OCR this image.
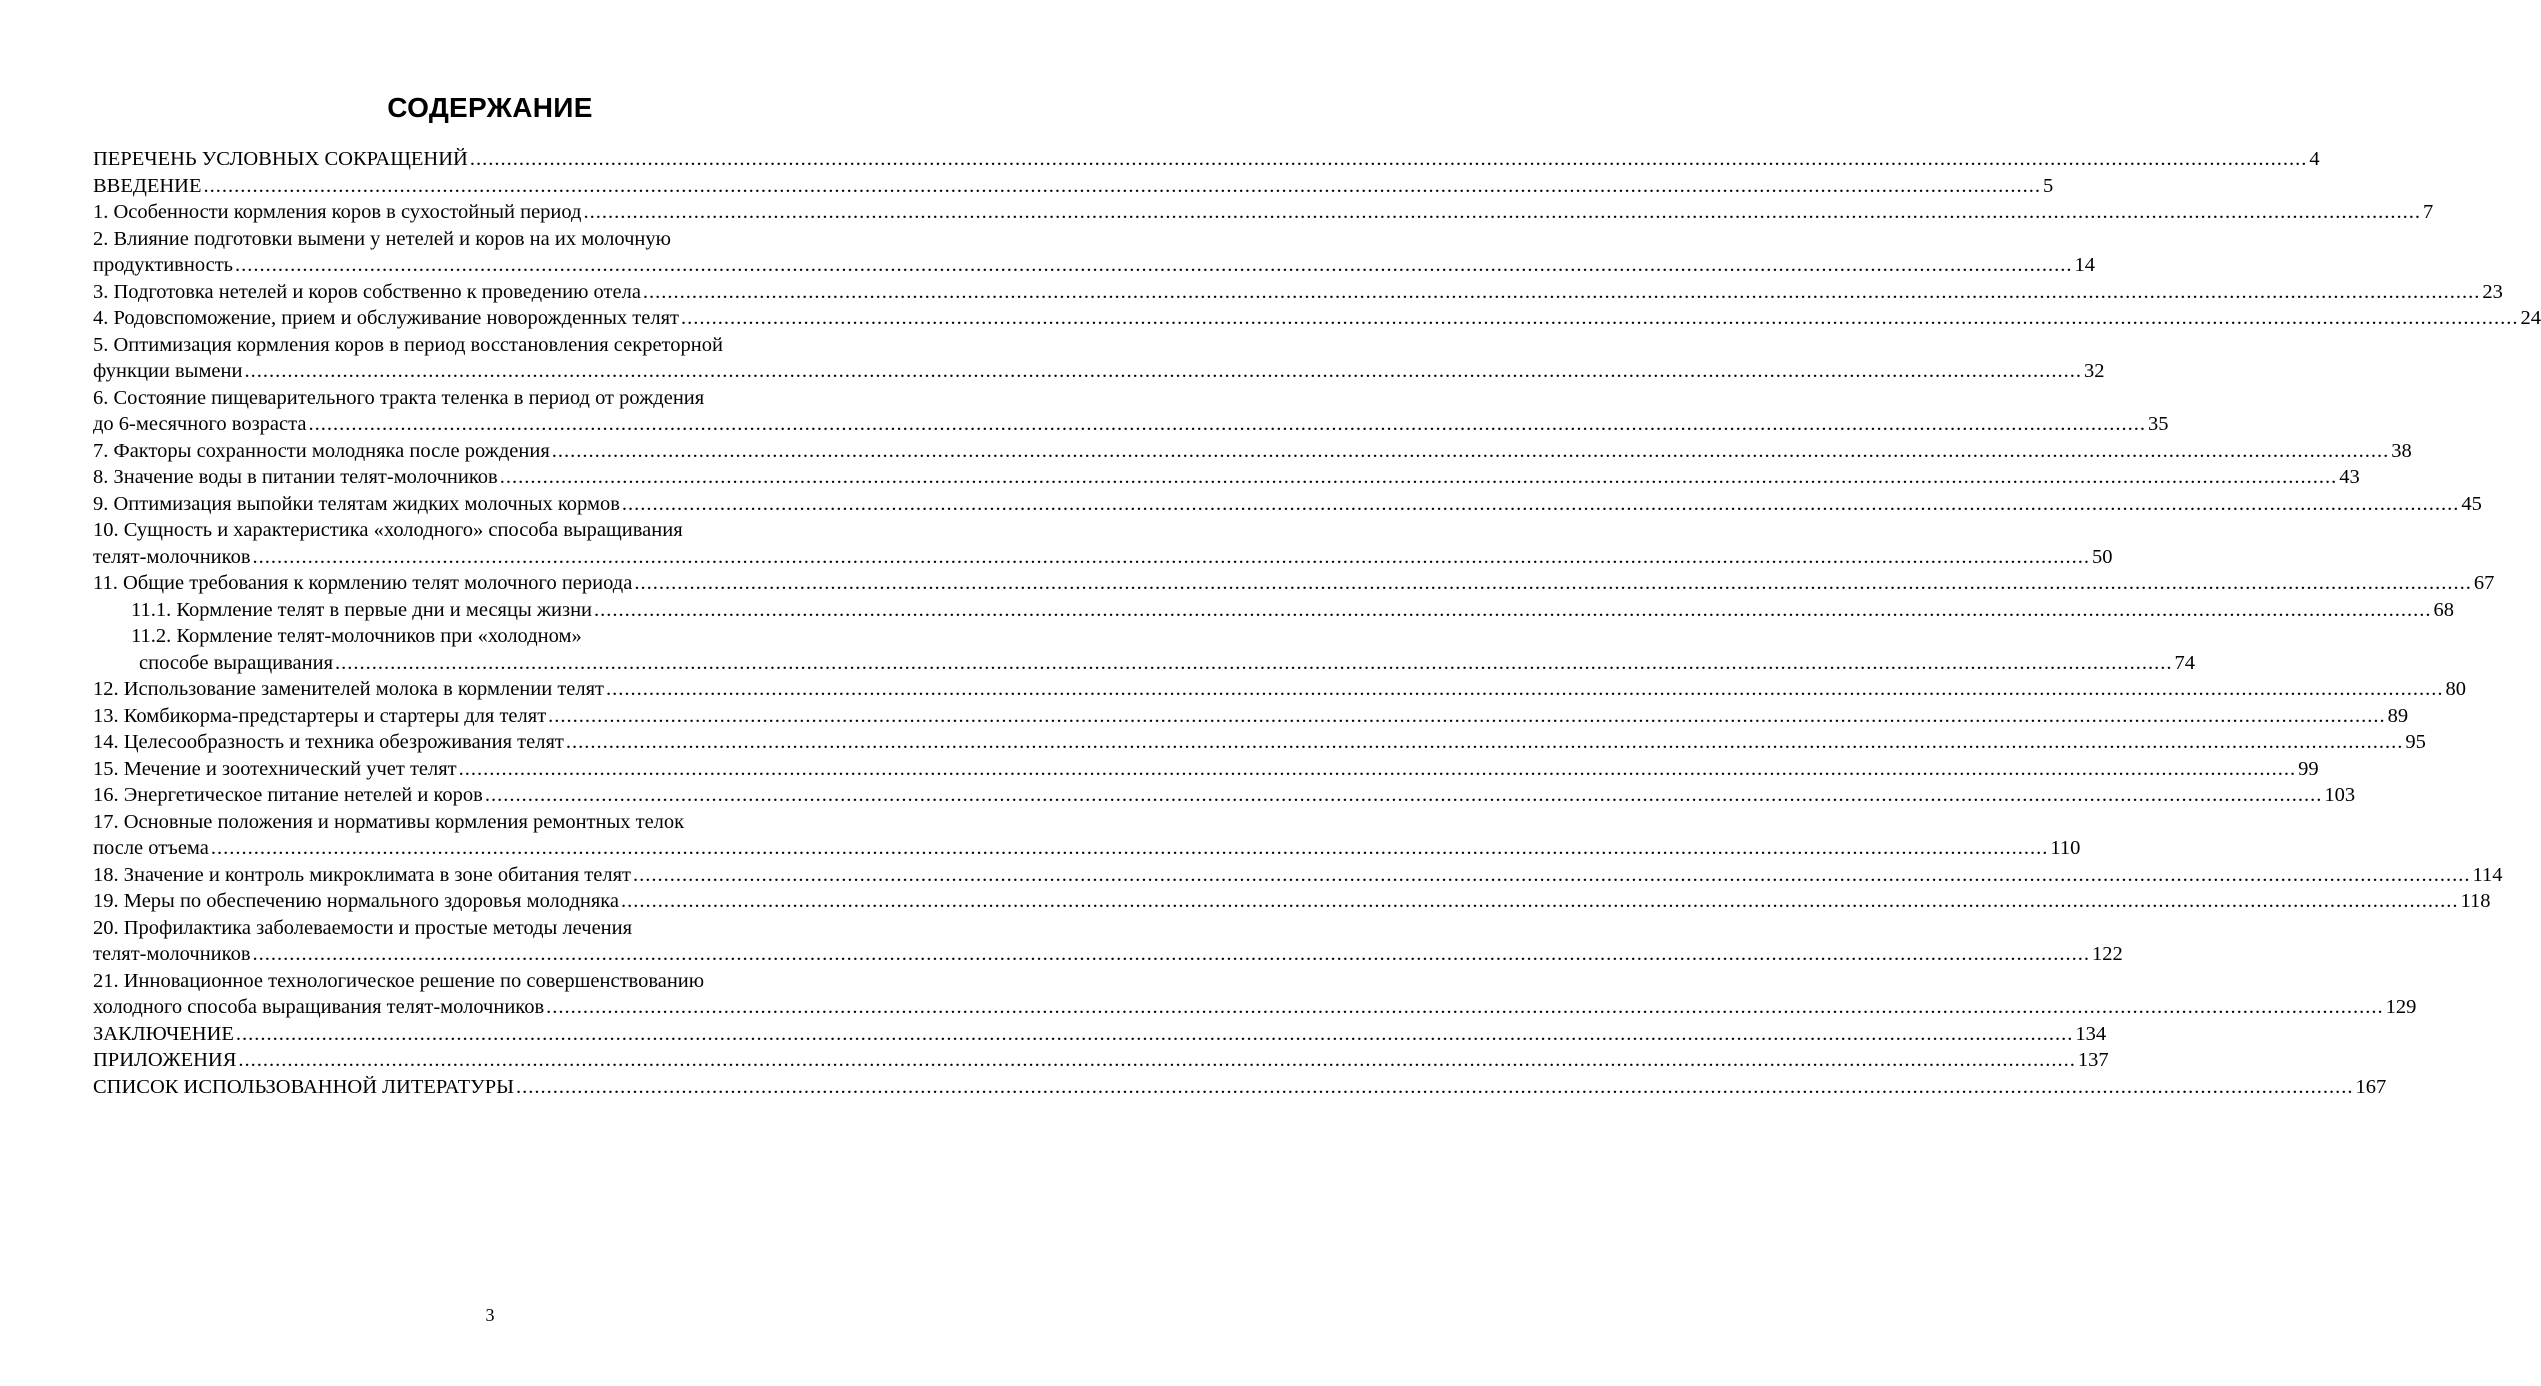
СОДЕРЖАНИЕ
ПЕРЕЧЕНЬ УСЛОВНЫХ СОКРАЩЕНИЙ ............................................................................................................................................................................................................................................................................................................ 4
ВВЕДЕНИЕ ............................................................................................................................................................................................................................................................................................................ 5
1. Особенности кормления коров в сухостойный период ............................................................................................................................................................................................................................................................................................................ 7
2. Влияние подготовки вымени у нетелей и коров на их молочную
продуктивность ............................................................................................................................................................................................................................................................................................................ 14
3. Подготовка нетелей и коров собственно к проведению отела ............................................................................................................................................................................................................................................................................................................ 23
4. Родовспоможение, прием и обслуживание новорожденных телят ............................................................................................................................................................................................................................................................................................................ 24
5. Оптимизация кормления коров в период восстановления секреторной
функции вымени ............................................................................................................................................................................................................................................................................................................ 32
6. Состояние пищеварительного тракта теленка в период от рождения
до 6-месячного возраста ............................................................................................................................................................................................................................................................................................................ 35
7. Факторы сохранности молодняка после рождения ............................................................................................................................................................................................................................................................................................................ 38
8. Значение воды в питании телят-молочников ............................................................................................................................................................................................................................................................................................................ 43
9. Оптимизация выпойки телятам жидких молочных кормов ............................................................................................................................................................................................................................................................................................................ 45
10. Сущность и характеристика «холодного» способа выращивания
телят-молочников ............................................................................................................................................................................................................................................................................................................ 50
11. Общие требования к кормлению телят молочного периода ............................................................................................................................................................................................................................................................................................................ 67
11.1. Кормление телят в первые дни и месяцы жизни ............................................................................................................................................................................................................................................................................................................ 68
11.2. Кормление телят-молочников при «холодном»
способе выращивания ............................................................................................................................................................................................................................................................................................................ 74
12. Использование заменителей молока в кормлении телят ............................................................................................................................................................................................................................................................................................................ 80
13. Комбикорма-предстартеры и стартеры для телят ............................................................................................................................................................................................................................................................................................................ 89
14. Целесообразность и техника обезроживания телят ............................................................................................................................................................................................................................................................................................................ 95
15. Мечение и зоотехнический учет телят ............................................................................................................................................................................................................................................................................................................ 99
16. Энергетическое питание нетелей и коров ............................................................................................................................................................................................................................................................................................................ 103
17. Основные положения и нормативы кормления ремонтных телок
после отъема ............................................................................................................................................................................................................................................................................................................ 110
18. Значение и контроль микроклимата в зоне обитания телят ............................................................................................................................................................................................................................................................................................................ 114
19. Меры по обеспечению нормального здоровья молодняка ............................................................................................................................................................................................................................................................................................................ 118
20. Профилактика заболеваемости и простые методы лечения
телят-молочников ............................................................................................................................................................................................................................................................................................................ 122
21. Инновационное технологическое решение по совершенствованию
холодного способа выращивания телят-молочников ............................................................................................................................................................................................................................................................................................................ 129
ЗАКЛЮЧЕНИЕ ............................................................................................................................................................................................................................................................................................................ 134
ПРИЛОЖЕНИЯ ............................................................................................................................................................................................................................................................................................................ 137
СПИСОК ИСПОЛЬЗОВАННОЙ ЛИТЕРАТУРЫ ............................................................................................................................................................................................................................................................................................................ 167
3
